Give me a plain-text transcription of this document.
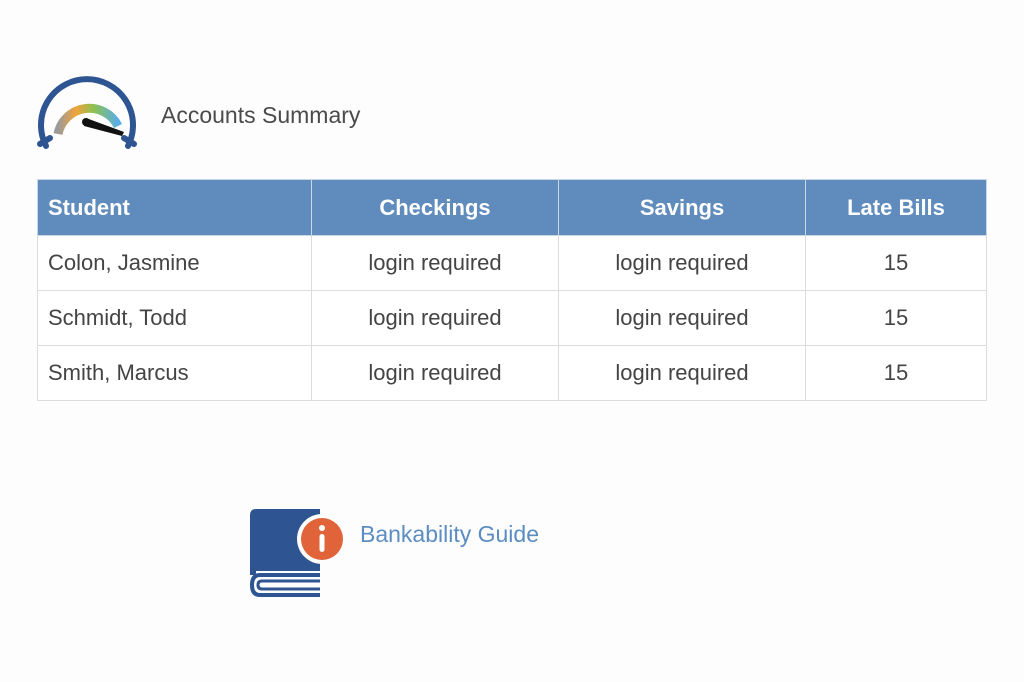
Accounts Summary
Student	Checkings	Savings	Late Bills
Colon, Jasmine	login required	login required	15
Schmidt, Todd	login required	login required	15
Smith, Marcus	login required	login required	15
Bankability Guide
